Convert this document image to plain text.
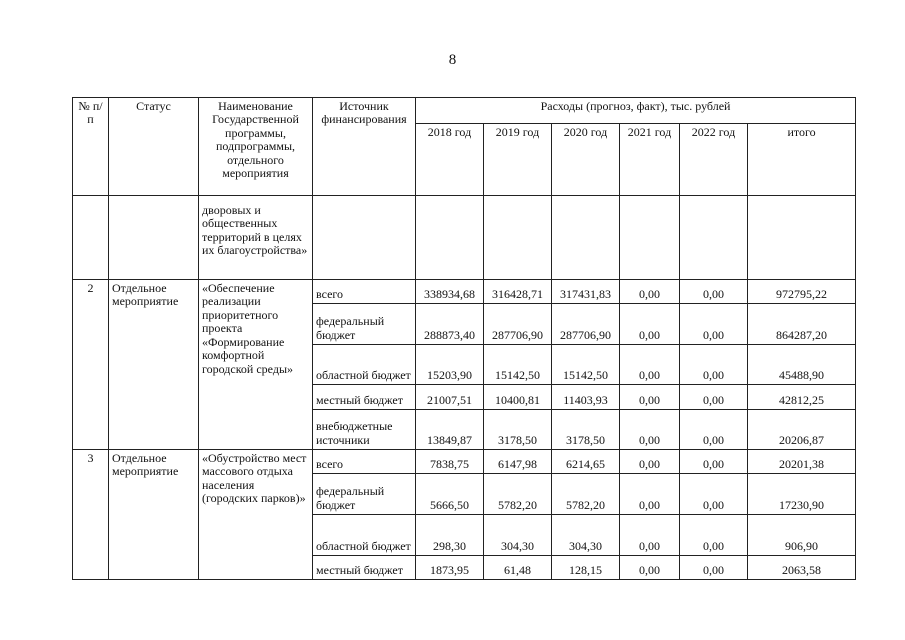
8
№ п/п	Статус	Наименование Государственной программы, подпрограммы, отдельного мероприятия	Источник финансирования	Расходы (прогноз, факт), тыс. рублей					
				2018 год	2019 год	2020 год	2021 год	2022 год	итого
		дворовых и общественных территорий в целях их благоустройства»							
2	Отдельное мероприятие	«Обеспечение реализации приоритетного проекта «Формирование комфортной городской среды»	всего	338934,68	316428,71	317431,83	0,00	0,00	972795,22
			федеральный бюджет	288873,40	287706,90	287706,90	0,00	0,00	864287,20
			областной бюджет	15203,90	15142,50	15142,50	0,00	0,00	45488,90
			местный бюджет	21007,51	10400,81	11403,93	0,00	0,00	42812,25
			внебюджетные источники	13849,87	3178,50	3178,50	0,00	0,00	20206,87
3	Отдельное мероприятие	«Обустройство мест массового отдыха населения (городских парков)»	всего	7838,75	6147,98	6214,65	0,00	0,00	20201,38
			федеральный бюджет	5666,50	5782,20	5782,20	0,00	0,00	17230,90
			областной бюджет	298,30	304,30	304,30	0,00	0,00	906,90
			местный бюджет	1873,95	61,48	128,15	0,00	0,00	2063,58
